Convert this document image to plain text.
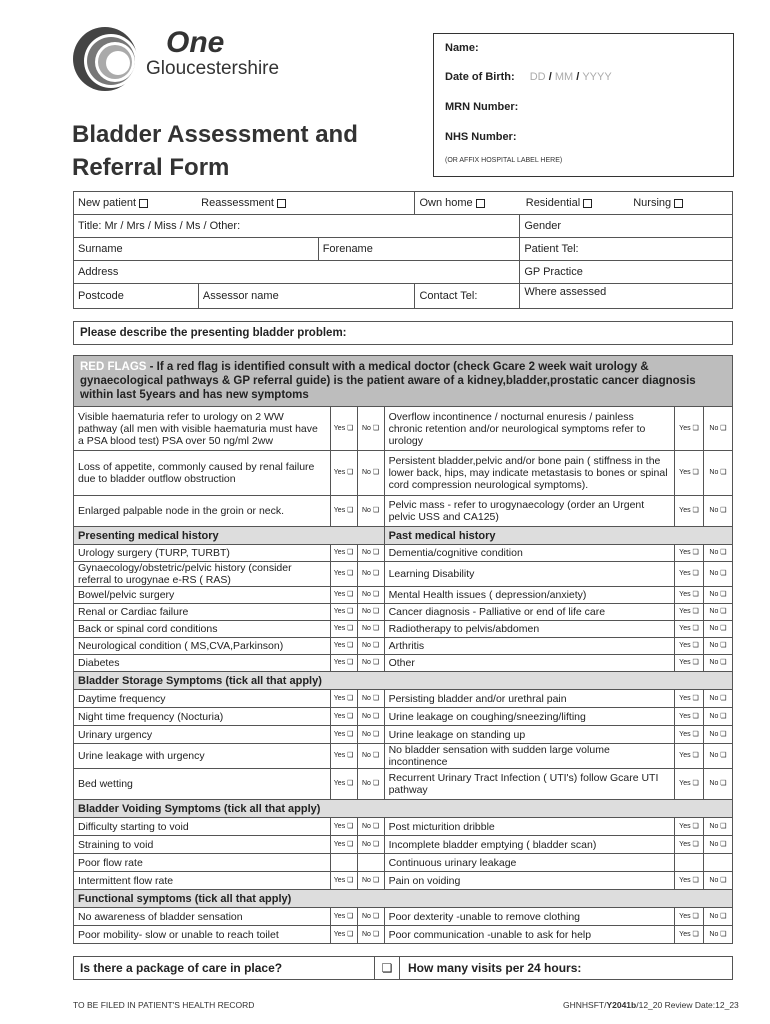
One
Gloucestershire
Bladder Assessment and
Referral Form
Name:
Date of Birth: DD / MM / YYYY
MRN Number:
NHS Number:
(OR AFFIX HOSPITAL LABEL HERE)
New patient Reassessment			Own home Residential Nursing	
Title: Mr / Mrs / Miss / Ms / Other:				Gender
Surname		Forename		Patient Tel:
Address				GP Practice
Postcode	Assessor name		Contact Tel:	Where assessed
Please describe the presenting bladder problem:
RED FLAGS - If a red flag is identified consult with a medical doctor (check Gcare 2 week wait urology & gynaecological pathways & GP referral guide) is the patient aware of a kidney,bladder,prostatic cancer diagnosis within last 5years and has new symptoms					
Visible haematuria refer to urology on 2 WW pathway (all men with visible haematuria must have a PSA blood test) PSA over 50 ng/ml 2ww	Yes ❏	No ❏	Overflow incontinence / nocturnal enuresis / painless chronic retention and/or neurological symptoms refer to urology	Yes ❏	No ❏
Loss of appetite, commonly caused by renal failure due to bladder outflow obstruction	Yes ❏	No ❏	Persistent bladder,pelvic and/or bone pain ( stiffness in the lower back, hips, may indicate metastasis to bones or spinal cord compression neurological symptoms).	Yes ❏	No ❏
Enlarged palpable node in the groin or neck.	Yes ❏	No ❏	Pelvic mass - refer to urogynaecology (order an Urgent pelvic USS and CA125)	Yes ❏	No ❏
Presenting medical history			Past medical history		
Urology surgery (TURP, TURBT)	Yes ❏	No ❏	Dementia/cognitive condition	Yes ❏	No ❏
Gynaecology/obstetric/pelvic history (consider referral to urogynae e-RS ( RAS)	Yes ❏	No ❏	Learning Disability	Yes ❏	No ❏
Bowel/pelvic surgery	Yes ❏	No ❏	Mental Health issues ( depression/anxiety)	Yes ❏	No ❏
Renal or Cardiac failure	Yes ❏	No ❏	Cancer diagnosis - Palliative or end of life care	Yes ❏	No ❏
Back or spinal cord conditions	Yes ❏	No ❏	Radiotherapy to pelvis/abdomen	Yes ❏	No ❏
Neurological condition ( MS,CVA,Parkinson)	Yes ❏	No ❏	Arthritis	Yes ❏	No ❏
Diabetes	Yes ❏	No ❏	Other	Yes ❏	No ❏
Bladder Storage Symptoms (tick all that apply)					
Daytime frequency	Yes ❏	No ❏	Persisting bladder and/or urethral pain	Yes ❏	No ❏
Night time frequency (Nocturia)	Yes ❏	No ❏	Urine leakage on coughing/sneezing/lifting	Yes ❏	No ❏
Urinary urgency	Yes ❏	No ❏	Urine leakage on standing up	Yes ❏	No ❏
Urine leakage with urgency	Yes ❏	No ❏	No bladder sensation with sudden large volume incontinence	Yes ❏	No ❏
Bed wetting	Yes ❏	No ❏	Recurrent Urinary Tract Infection ( UTI's) follow Gcare UTI pathway	Yes ❏	No ❏
Bladder Voiding Symptoms (tick all that apply)					
Difficulty starting to void	Yes ❏	No ❏	Post micturition dribble	Yes ❏	No ❏
Straining to void	Yes ❏	No ❏	Incomplete bladder emptying ( bladder scan)	Yes ❏	No ❏
Poor flow rate			Continuous urinary leakage		
Intermittent flow rate	Yes ❏	No ❏	Pain on voiding	Yes ❏	No ❏
Functional symptoms (tick all that apply)					
No awareness of bladder sensation	Yes ❏	No ❏	Poor dexterity -unable to remove clothing	Yes ❏	No ❏
Poor mobility- slow or unable to reach toilet	Yes ❏	No ❏	Poor communication -unable to ask for help	Yes ❏	No ❏
Is there a package of care in place?	❏	How many visits per 24 hours:
TO BE FILED IN PATIENT'S HEALTH RECORD	GHNHSFT/Y2041b/12_20 Review Date:12_23
